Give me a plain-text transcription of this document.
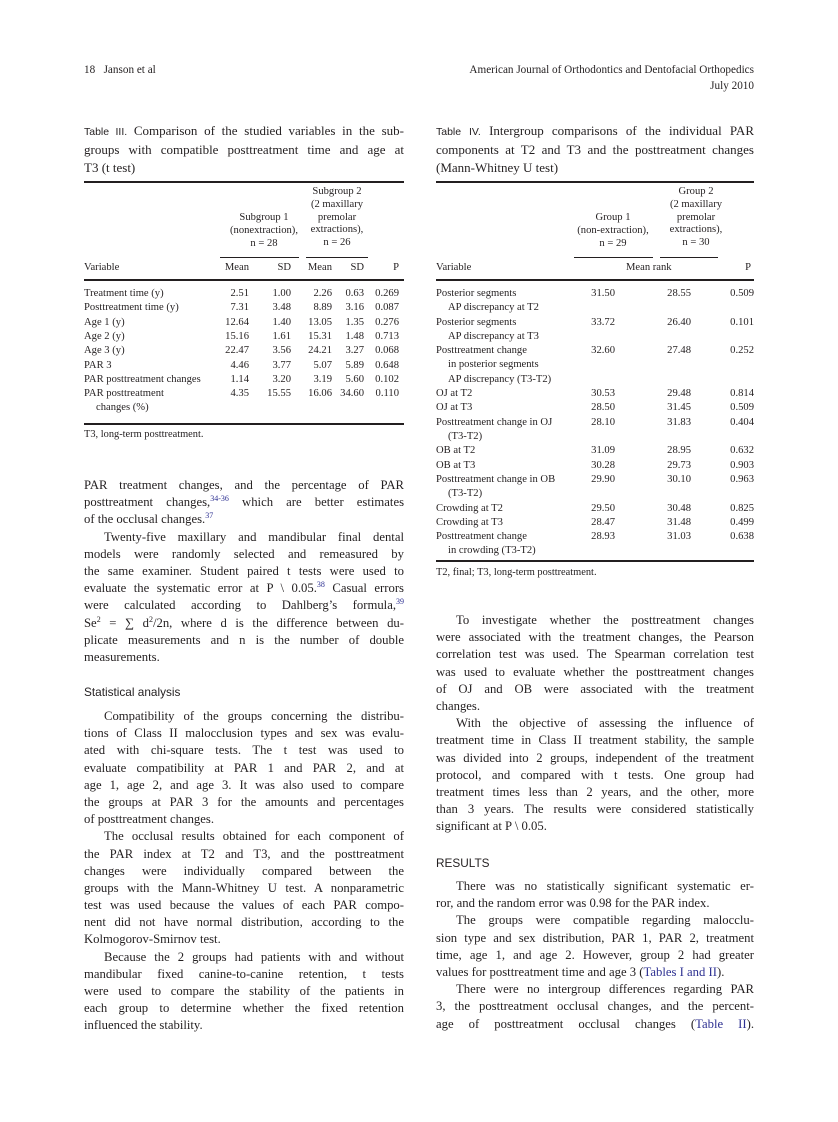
18 Janson et al	American Journal of Orthodontics and Dentofacial Orthopedics
July 2010
Table III. Comparison of the studied variables in the sub-
groups with compatible posttreatment time and age at
T3 (t test)
Subgroup 1
(nonextraction),
n = 28
Subgroup 2
(2 maxillary
premolar
extractions),
n = 26
Variable	Mean	SD Mean SD	P
Treatment time (y)	2.51 1.00 2.26 0.63 0.269
Posttreatment time (y)	7.31 3.48 8.89 3.16 0.087
Age 1 (y)	12.64 1.40 13.05 1.35 0.276
Age 2 (y)	15.16 1.61 15.31 1.48 0.713
Age 3 (y)	22.47 3.56 24.21 3.27 0.068
PAR 3	4.46 3.77 5.07 5.89 0.648
PAR posttreatment changes	1.14 3.20 3.19 5.60 0.102
PAR posttreatment	4.35 15.55 16.06 34.60 0.110
changes (%)
T3, long-term posttreatment.
Table IV. Intergroup comparisons of the individual PAR
components at T2 and T3 and the posttreatment changes
(Mann-Whitney U test)
Group 1
(non-extraction),
n = 29
Group 2
(2 maxillary
premolar
extractions),
n = 30
Variable	Mean rank	P
Posterior segments	31.50	28.55	0.509
AP discrepancy at T2
Posterior segments	33.72	26.40	0.101
AP discrepancy at T3
Posttreatment change	32.60	27.48	0.252
in posterior segments
AP discrepancy (T3-T2)
OJ at T2	30.53	29.48	0.814
OJ at T3	28.50	31.45	0.509
Posttreatment change in OJ	28.10	31.83	0.404
(T3-T2)
OB at T2	31.09	28.95	0.632
OB at T3	30.28	29.73	0.903
Posttreatment change in OB	29.90	30.10	0.963
(T3-T2)
Crowding at T2	29.50	30.48	0.825
Crowding at T3	28.47	31.48	0.499
Posttreatment change	28.93	31.03	0.638
in crowding (T3-T2)
T2, final; T3, long-term posttreatment.
PAR treatment changes, and the percentage of PAR
posttreatment changes,$^{34-36}$ which are better estimates
of the occlusal changes.$^{37}$
Twenty-five maxillary and mandibular final dental
models were randomly selected and remeasured by
the same examiner. Student paired t tests were used to
evaluate the systematic error at P \ 0.05.38 Casual errors
were calculated according to Dahlberg’s formula,$^{39}$
$Se^2$ = ∑ $d^2/2n$, where d is the difference between du-
plicate measurements and n is the number of double
measurements.
Statistical analysis
Compatibility of the groups concerning the distribu-
tions of Class II malocclusion types and sex was evalu-
ated with chi-square tests. The t test was used to
evaluate compatibility at PAR 1 and PAR 2, and at
age 1, age 2, and age 3. It was also used to compare
the groups at PAR 3 for the amounts and percentages
of posttreatment changes.
The occlusal results obtained for each component of
the PAR index at T2 and T3, and the posttreatment
changes were individually compared between the
groups with the Mann-Whitney U test. A nonparametric
test was used because the values of each PAR compo-
nent did not have normal distribution, according to the
Kolmogorov-Smirnov test.
Because the 2 groups had patients with and without
mandibular fixed canine-to-canine retention, t tests
were used to compare the stability of the patients in
each group to determine whether the fixed retention
influenced the stability.
To investigate whether the posttreatment changes
were associated with the treatment changes, the Pearson
correlation test was used. The Spearman correlation test
was used to evaluate whether the posttreatment changes
of OJ and OB were associated with the treatment
changes.
With the objective of assessing the influence of
treatment time in Class II treatment stability, the sample
was divided into 2 groups, independent of the treatment
protocol, and compared with t tests. One group had
treatment times less than 2 years, and the other, more
than 3 years. The results were considered statistically
significant at P \ 0.05.
RESULTS
There was no statistically significant systematic er-
ror, and the random error was 0.98 for the PAR index.
The groups were compatible regarding malocclu-
sion type and sex distribution, PAR 1, PAR 2, treatment
time, age 1, and age 2. However, group 2 had greater
values for posttreatment time and age 3 (Tables I and II).
There were no intergroup differences regarding PAR
3, the posttreatment occlusal changes, and the percent-
age of posttreatment occlusal changes (Table II).
